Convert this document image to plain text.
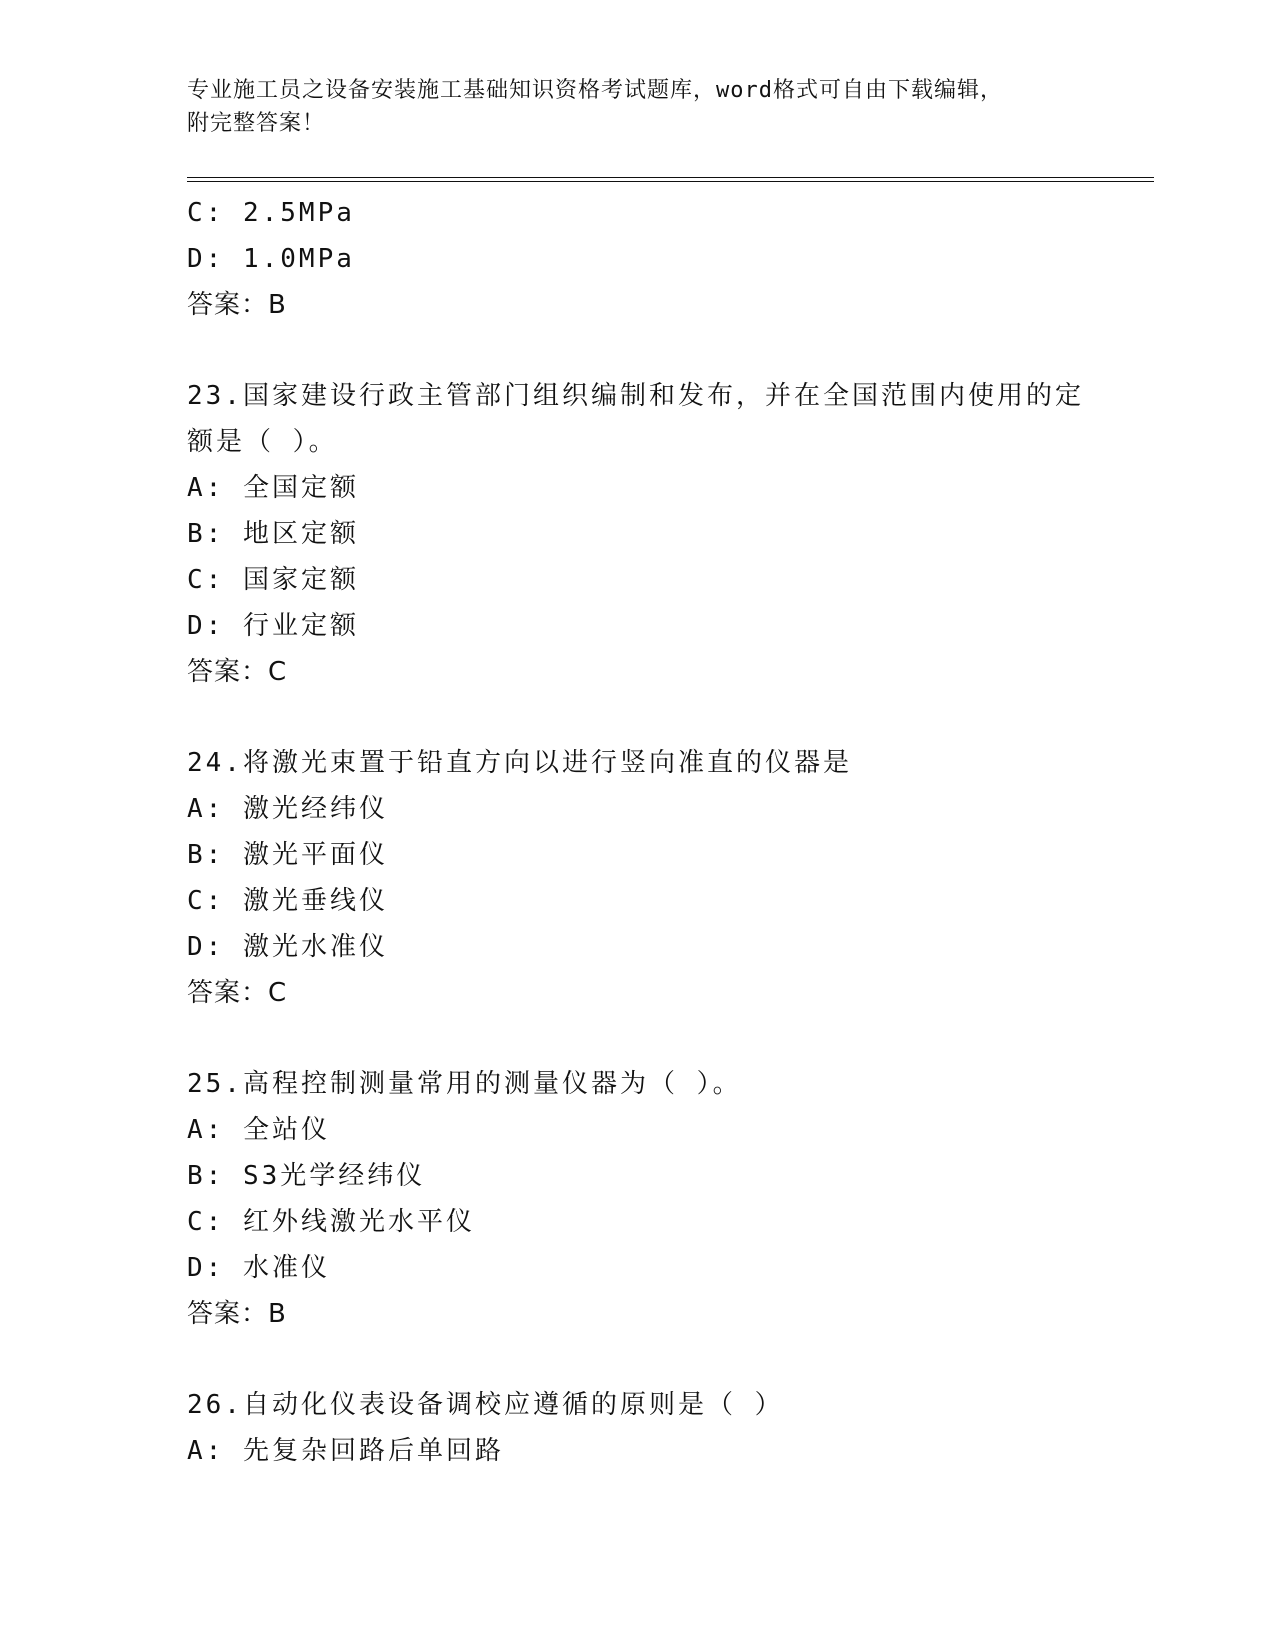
专业施工员之设备安装施工基础知识资格考试题库，word格式可自由下载编辑，
附完整答案！
C: 2.5MPa
D: 1.0MPa
答案：B
23.国家建设行政主管部门组织编制和发布，并在全国范围内使用的定
额是（ ）。
A: 全国定额
B: 地区定额
C: 国家定额
D: 行业定额
答案：C
24.将激光束置于铅直方向以进行竖向准直的仪器是
A: 激光经纬仪
B: 激光平面仪
C: 激光垂线仪
D: 激光水准仪
答案：C
25.高程控制测量常用的测量仪器为（ ）。
A: 全站仪
B: S3光学经纬仪
C: 红外线激光水平仪
D: 水准仪
答案：B
26.自动化仪表设备调校应遵循的原则是（ ）
A: 先复杂回路后单回路
